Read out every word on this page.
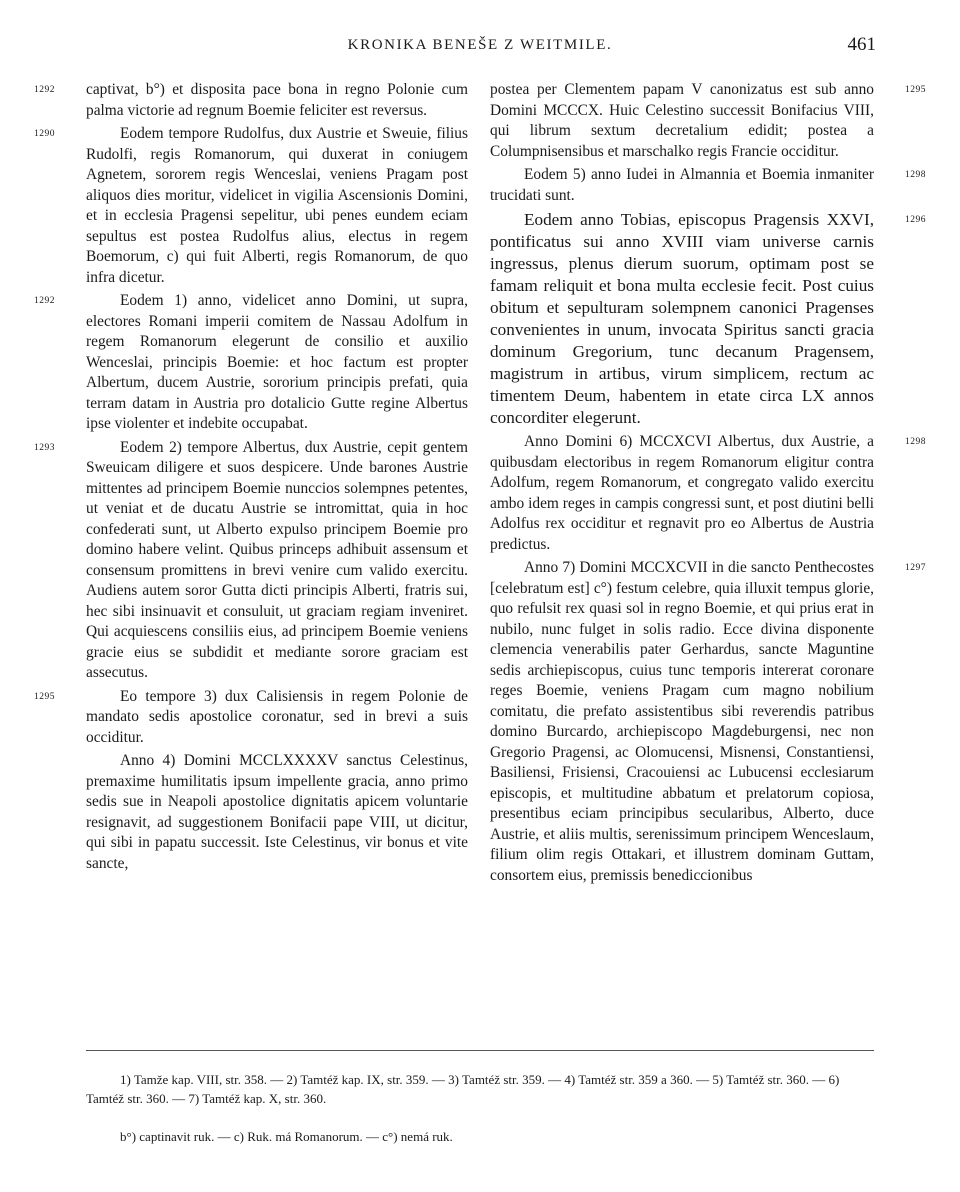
KRONIKA BENEŠE Z WEITMILE.	461

1292 captivat, b°) et disposita pace bona in regno Polonie cum palma victorie ad regnum Boemie feliciter est reversus.

1290	Eodem tempore Rudolfus, dux Austrie et Sweuie, filius Rudolfi, regis Romanorum, qui duxerat in coniugem Agnetem, sororem regis Wenceslai, veniens Pragam post aliquos dies moritur, videlicet in vigilia Ascensionis Domini, et in ecclesia Pragensi sepelitur, ubi penes eundem eciam sepultus est postea Rudolfus alius, electus in regem Boemorum, c) qui fuit Alberti, regis Romanorum, de quo infra dicetur.

1292	Eodem 1) anno, videlicet anno Domini, ut supra, electores Romani imperii comitem de Nassau Adolfum in regem Romanorum elegerunt de consilio et auxilio Wenceslai, principis Boemie: et hoc factum est propter Albertum, ducem Austrie, sororium principis prefati, quia terram datam in Austria pro dotalicio Gutte regine Albertus ipse violenter et indebite occupabat.

1293	Eodem 2) tempore Albertus, dux Austrie, cepit gentem Sweuicam diligere et suos despicere. Unde barones Austrie mittentes ad principem Boemie nunccios solempnes petentes, ut veniat et de ducatu Austrie se intromittat, quia in hoc confederati sunt, ut Alberto expulso principem Boemie pro domino habere velint. Quibus princeps adhibuit assensum et consensum promittens in brevi venire cum valido exercitu. Audiens autem soror Gutta dicti principis Alberti, fratris sui, hec sibi insinuavit et consuluit, ut graciam regiam inveniret. Qui acquiescens consiliis eius, ad principem Boemie veniens gracie eius se subdidit et mediante sorore graciam est assecutus.

1295	Eo tempore 3) dux Calisiensis in regem Polonie de mandato sedis apostolice coronatur, sed in brevi a suis occiditur.

Anno 4) Domini MCCLXXXXV sanctus Celestinus, premaxime humilitatis ipsum impellente gracia, anno primo sedis sue in Neapoli apostolice dignitatis apicem voluntarie resignavit, ad suggestionem Bonifacii pape VIII, ut dicitur, qui sibi in papatu successit. Iste Celestinus, vir bonus et vite sancte,

1295
postea per Clementem papam V canonizatus est sub anno Domini MCCCX. Huic Celestino successit Bonifacius VIII, qui librum sextum decretalium edidit; postea a Columpnisensibus et marschalko regis Francie occiditur.

1298
Eodem 5) anno Iudei in Almannia et Boemia inmaniter trucidati sunt.

1296
Eodem anno Tobias, episcopus Pragensis XXVI, pontificatus sui anno XVIII viam universe carnis ingressus, plenus dierum suorum, optimam post se famam reliquit et bona multa ecclesie fecit. Post cuius obitum et sepulturam solempnem canonici Pragenses convenientes in unum, invocata Spiritus sancti gracia dominum Gregorium, tunc decanum Pragensem, magistrum in artibus, virum simplicem, rectum ac timentem Deum, habentem in etate circa LX annos concorditer elegerunt.

1298
Anno Domini 6) MCCXCVI Albertus, dux Austrie, a quibusdam electoribus in regem Romanorum eligitur contra Adolfum, regem Romanorum, et congregato valido exercitu ambo idem reges in campis congressi sunt, et post diutini belli Adolfus rex occiditur et regnavit pro eo Albertus de Austria predictus.

1297
Anno 7) Domini MCCXCVII in die sancto Penthecostes [celebratum est] c°) festum celebre, quia illuxit tempus glorie, quo refulsit rex quasi sol in regno Boemie, et qui prius erat in nubilo, nunc fulget in solis radio. Ecce divina disponente clemencia venerabilis pater Gerhardus, sancte Maguntine sedis archiepiscopus, cuius tunc temporis intererat coronare reges Boemie, veniens Pragam cum magno nobilium comitatu, die prefato assistentibus sibi reverendis patribus domino Burcardo, archiepiscopo Magdeburgensi, nec non Gregorio Pragensi, ac Olomucensi, Misnensi, Constantiensi, Basiliensi, Frisiensi, Cracouiensi ac Lubucensi ecclesiarum episcopis, et multitudine abbatum et prelatorum copiosa, presentibus eciam principibus secularibus, Alberto, duce Austrie, et aliis multis, serenissimum principem Wenceslaum, filium olim regis Ottakari, et illustrem dominam Guttam, consortem eius, premissis benediccionibus

1) Tamže kap. VIII, str. 358. — 2) Tamtéž kap. IX, str. 359. — 3) Tamtéž str. 359. — 4) Tamtéž str. 359 a 360. — 5) Tamtéž str. 360. — 6) Tamtéž str. 360. — 7) Tamtéž kap. X, str. 360.

b°) captinavit ruk. — c) Ruk. má Romanorum. — c°) nemá ruk.
